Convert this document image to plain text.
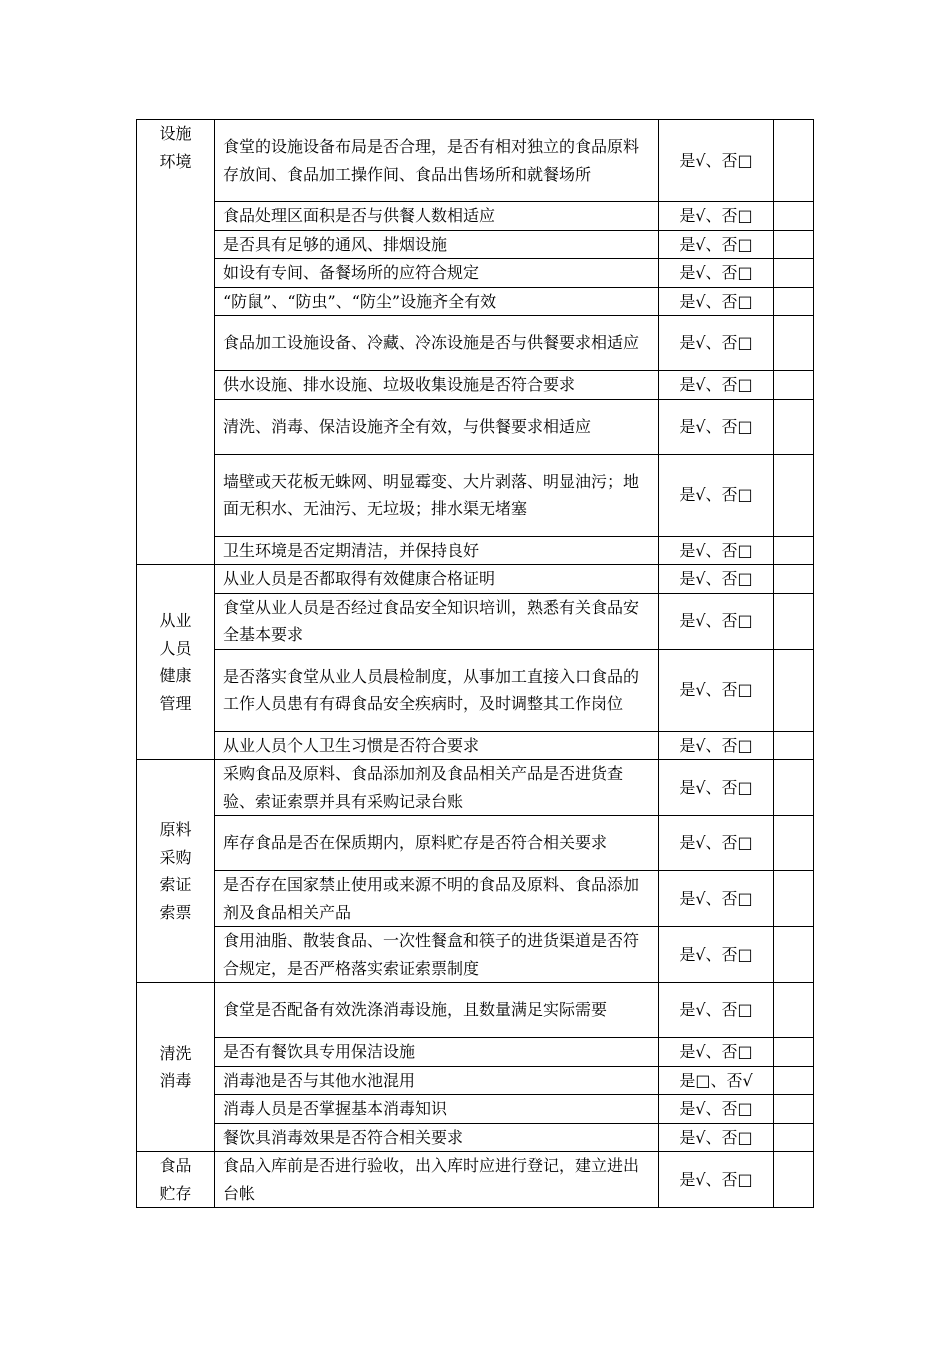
设施
环境	食堂的设施设备布局是否合理，是否有相对独立的食品原料存放间、食品加工操作间、食品出售场所和就餐场所	是√、否□	
	食品处理区面积是否与供餐人数相适应	是√、否□	
	是否具有足够的通风、排烟设施	是√、否□	
	如设有专间、备餐场所的应符合规定	是√、否□	
	“防鼠”、“防虫”、“防尘”设施齐全有效	是√、否□	
	食品加工设施设备、冷藏、冷冻设施是否与供餐要求相适应	是√、否□	
	供水设施、排水设施、垃圾收集设施是否符合要求	是√、否□	
	清洗、消毒、保洁设施齐全有效，与供餐要求相适应	是√、否□	
	墙壁或天花板无蛛网、明显霉变、大片剥落、明显油污；地面无积水、无油污、无垃圾；排水渠无堵塞	是√、否□	
	卫生环境是否定期清洁，并保持良好	是√、否□	

从业
人员
健康
管理	从业人员是否都取得有效健康合格证明	是√、否□	
	食堂从业人员是否经过食品安全知识培训，熟悉有关食品安全基本要求	是√、否□	
	是否落实食堂从业人员晨检制度，从事加工直接入口食品的工作人员患有有碍食品安全疾病时，及时调整其工作岗位	是√、否□	
	从业人员个人卫生习惯是否符合要求	是√、否□	

原料
采购
索证
索票	采购食品及原料、食品添加剂及食品相关产品是否进货查验、索证索票并具有采购记录台账	是√、否□	
	库存食品是否在保质期内，原料贮存是否符合相关要求	是√、否□	
	是否存在国家禁止使用或来源不明的食品及原料、食品添加剂及食品相关产品	是√、否□	
	食用油脂、散装食品、一次性餐盒和筷子的进货渠道是否符合规定，是否严格落实索证索票制度	是√、否□	

清洗
消毒	食堂是否配备有效洗涤消毒设施，且数量满足实际需要	是√、否□	
	是否有餐饮具专用保洁设施	是√、否□	
	消毒池是否与其他水池混用	是□、否√	
	消毒人员是否掌握基本消毒知识	是√、否□	
	餐饮具消毒效果是否符合相关要求	是√、否□	

食品
贮存	食品入库前是否进行验收，出入库时应进行登记，建立进出台帐	是√、否□	
